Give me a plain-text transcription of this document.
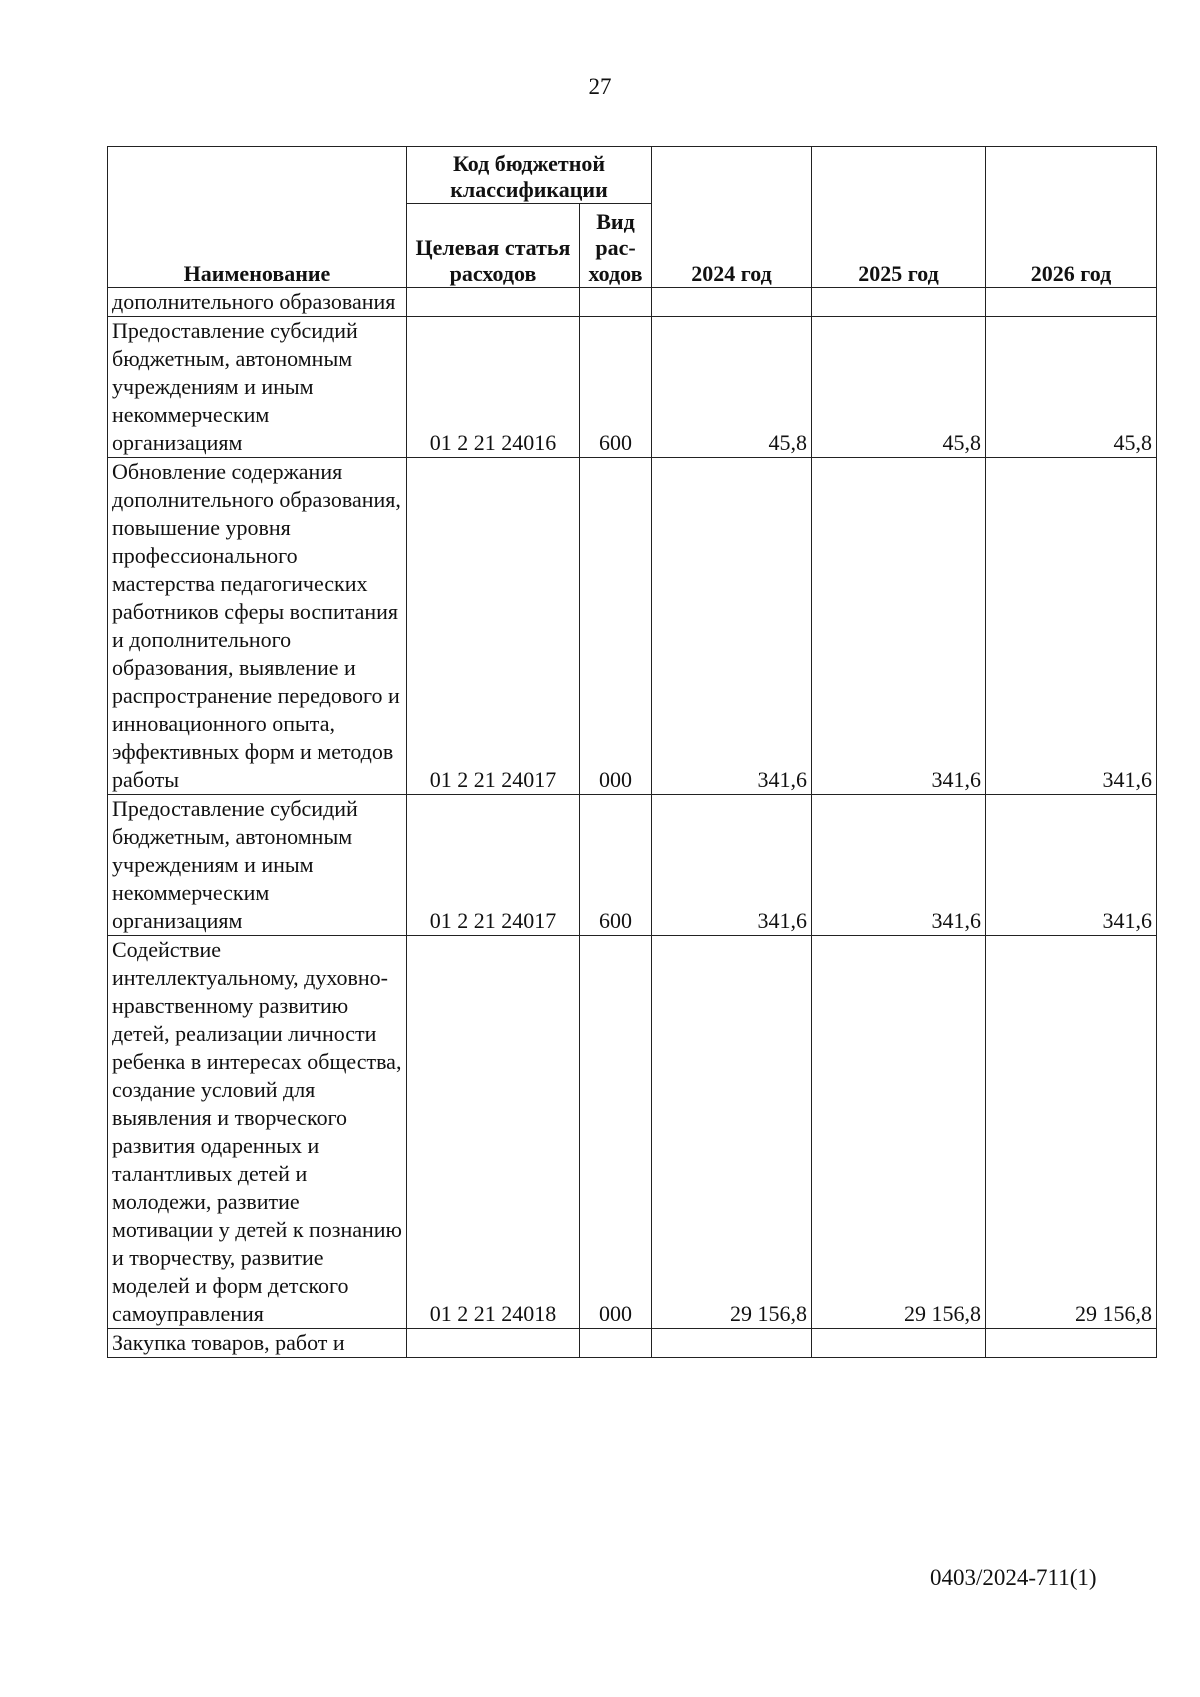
27
Наименование	Код бюджетной классификации		2024 год	2025 год	2026 год
	Целевая статья расходов	Вид рас-ходов			
дополнительного образования					
Предоставление субсидий бюджетным, автономным учреждениям и иным некоммерческим организациям	01 2 21 24016	600	45,8	45,8	45,8
Обновление содержания дополнительного образования, повышение уровня профессионального мастерства педагогических работников сферы воспитания и дополнительного образования, выявление и распространение передового и инновационного опыта, эффективных форм и методов работы	01 2 21 24017	000	341,6	341,6	341,6
Предоставление субсидий бюджетным, автономным учреждениям и иным некоммерческим организациям	01 2 21 24017	600	341,6	341,6	341,6
Содействие интеллектуальному, духовно-нравственному развитию детей, реализации личности ребенка в интересах общества, создание условий для выявления и творческого развития одаренных и талантливых детей и молодежи, развитие мотивации у детей к познанию и творчеству, развитие моделей и форм детского самоуправления	01 2 21 24018	000	29 156,8	29 156,8	29 156,8
Закупка товаров, работ и					
0403/2024-711(1)
